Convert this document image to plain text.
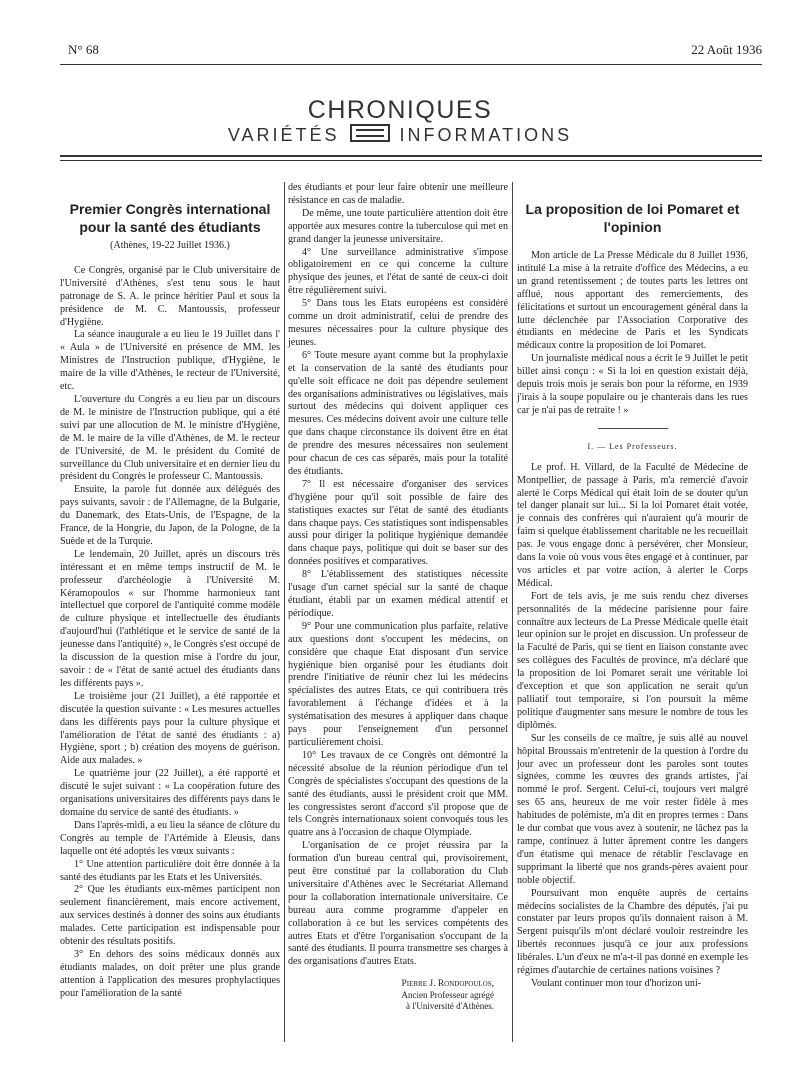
N° 68	22 Août 1936
CHRONIQUES
VARIÉTÉS	INFORMATIONS
Premier Congrès international pour la santé des étudiants
(Athènes, 19-22 Juillet 1936.)

Ce Congrès, organisé par le Club universitaire de l'Université d'Athènes, s'est tenu sous le haut patronage de S. A. le prince héritier Paul et sous la présidence de M. C. Mantoussis, professeur d'Hygiène.

La séance inaugurale a eu lieu le 19 Juillet dans l' « Aula » de l'Université en présence de MM. les Ministres de l'Instruction publique, d'Hygiène, le maire de la ville d'Athènes, le recteur de l'Université, etc.

L'ouverture du Congrès a eu lieu par un discours de M. le ministre de l'Instruction publique, qui a été suivi par une allocution de M. le ministre d'Hygiène, de M. le maire de la ville d'Athènes, de M. le recteur de l'Université, de M. le président du Comité de surveillance du Club universitaire et en dernier lieu du président du Congrès le professeur C. Mantoussis.

Ensuite, la parole fut donnée aux délégués des pays suivants, savoir : de l'Allemagne, de la Bulgarie, du Danemark, des Etats-Unis, de l'Espagne, de la France, de la Hongrie, du Japon, de la Pologne, de la Suède et de la Turquie.

Le lendemain, 20 Juillet, après un discours très intéressant et en même temps instructif de M. le professeur d'archéologie à l'Université M. Kéramopoulos « sur l'homme harmonieux tant intellectuel que corporel de l'antiquité comme modèle de culture physique et intellectuelle des étudiants d'aujourd'hui (l'athlétique et le service de santé de la jeunesse dans l'antiquité) », le Congrès s'est occupé de la discussion de la question mise à l'ordre du jour, savoir : de « l'état de santé actuel des étudiants dans les différents pays ».

Le troisième jour (21 Juillet), a été rapportée et discutée la question suivante : « Les mesures actuelles dans les différents pays pour la culture physique et l'amélioration de l'état de santé des étudiants : a) Hygiène, sport ; b) création des moyens de guérison. Aide aux malades. »

Le quatrième jour (22 Juillet), a été rapporté et discuté le sujet suivant : « La coopération future des organisations universitaires des différents pays dans le domaine du service de santé des étudiants. »

Dans l'après-midi, a eu lieu la séance de clôture du Congrès au temple de l'Artémide à Eleusis, dans laquelle ont été adoptés les vœux suivants :

1° Une attention particulière doit être donnée à la santé des étudiants par les Etats et les Universités.

2° Que les étudiants eux-mêmes participent non seulement financièrement, mais encore activement, aux services destinés à donner des soins aux étudiants malades. Cette participation est indispensable pour obtenir des résultats positifs.

3° En dehors des soins médicaux donnés aux étudiants malades, on doit prêter une plus grande attention à l'application des mesures prophylactiques pour l'amélioration de la santé

des étudiants et pour leur faire obtenir une meilleure résistance en cas de maladie.

De même, une toute particulière attention doit être apportée aux mesures contre la tuberculose qui met en grand danger la jeunesse universitaire.

4° Une surveillance administrative s'impose obligatoirement en ce qui concerne la culture physique des jeunes, et l'état de santé de ceux-ci doit être régulièrement suivi.

5° Dans tous les Etats européens est considéré comme un droit administratif, celui de prendre des mesures nécessaires pour la culture physique des jeunes.

6° Toute mesure ayant comme but la prophylaxie et la conservation de la santé des étudiants pour qu'elle soit efficace ne doit pas dépendre seulement des organisations administratives ou législatives, mais surtout des médecins qui doivent appliquer ces mesures. Ces médecins doivent avoir une culture telle que dans chaque circonstance ils doivent être en état de prendre des mesures nécessaires non seulement pour chacun de ces cas séparés, mais pour la totalité des étudiants.

7° Il est nécessaire d'organiser des services d'hygiène pour qu'il soit possible de faire des statistiques exactes sur l'état de santé des étudiants dans chaque pays. Ces statistiques sont indispensables aussi pour diriger la politique hygiénique demandée dans chaque pays, politique qui doit se baser sur des données positives et comparatives.

8° L'établissement des statistiques nécessite l'usage d'un carnet spécial sur la santé de chaque étudiant, établi par un examen médical attentif et périodique.

9° Pour une communication plus parfaite, relative aux questions dont s'occupent les médecins, on considère que chaque Etat disposant d'un service hygiénique bien organisé pour les étudiants doit prendre l'initiative de réunir chez lui les médecins spécialistes des autres Etats, ce qui contribuera très favorablement à l'échange d'idées et à la systématisation des mesures à appliquer dans chaque pays pour l'enseignement d'un personnel particulièrement choisi.

10° Les travaux de ce Congrès ont démontré la nécessité absolue de la réunion périodique d'un tel Congrès de spécialistes s'occupant des questions de la santé des étudiants, aussi le président croit que MM. les congressistes seront d'accord s'il propose que de tels Congrès internationaux soient convoqués tous les quatre ans à l'occasion de chaque Olympiade.

L'organisation de ce projet réussira par la formation d'un bureau central qui, provisoirement, peut être constitué par la collaboration du Club universitaire d'Athènes avec le Secrétariat Allemand pour la collaboration internationale universitaire. Ce bureau aura comme programme d'appeler en collaboration à ce but les services compétents des autres Etats et d'être l'organisation s'occupant de la santé des étudiants. Il pourra transmettre ses charges à des organisations d'autres Etats.

Pierre J. Rondopoulos,
Ancien Professeur agrégé
à l'Université d'Athènes.
La proposition de loi Pomaret et l'opinion

Mon article de La Presse Médicale du 8 Juillet 1936, intitulé La mise à la retraite d'office des Médecins, a eu un grand retentissement ; de toutes parts les lettres ont afflué, nous apportant des remerciements, des félicitations et surtout un encouragement général dans la lutte déclenchée par l'Association Corporative des étudiants en médecine de Paris et les Syndicats médicaux contre la proposition de loi Pomaret.

Un journaliste médical nous a écrit le 9 Juillet le petit billet ainsi conçu : « Si la loi en question existait déjà, depuis trois mois je serais bon pour la réforme, en 1939 j'irais à la soupe populaire ou je chanterais dans les rues car je n'ai pas de retraite ! »

I. — Les Professeurs.

Le prof. H. Villard, de la Faculté de Médecine de Montpellier, de passage à Paris, m'a remercié d'avoir alerté le Corps Médical qui était loin de se douter qu'un tel danger planait sur lui... Si la loi Pomaret était votée, je connais des confrères qui n'auraient qu'à mourir de faim si quelque établissement charitable ne les recueillait pas. Je vous engage donc à persévérer, cher Monsieur, dans la voie où vous vous êtes engagé et à continuer, par vos articles et par votre action, à alerter le Corps Médical.

Fort de tels avis, je me suis rendu chez diverses personnalités de la médecine parisienne pour faire connaître aux lecteurs de La Presse Médicale quelle était leur opinion sur le projet en discussion. Un professeur de la Faculté de Paris, qui se tient en liaison constante avec ses collègues des Facultés de province, m'a déclaré que la proposition de loi Pomaret serait une véritable loi d'exception et que son application ne serait qu'un palliatif tout temporaire, si l'on poursuit la même politique d'augmenter sans mesure le nombre de tous les diplômés.

Sur les conseils de ce maître, je suis allé au nouvel hôpital Broussais m'entretenir de la question à l'ordre du jour avec un professeur dont les paroles sont toutes signées, comme les œuvres des grands artistes, j'ai nommé le prof. Sergent. Celui-ci, toujours vert malgré ses 65 ans, heureux de me voir rester fidèle à mes habitudes de polémiste, m'a dit en propres termes : Dans le dur combat que vous avez à soutenir, ne lâchez pas la rampe, continuez à lutter âprement contre les dangers d'un étatisme qui menace de rétablir l'esclavage en supprimant la liberté que nos grands-pères avaient pour noble objectif.

Poursuivant mon enquête auprès de certains médecins socialistes de la Chambre des députés, j'ai pu constater par leurs propos qu'ils donnaient raison à M. Sergent puisqu'ils m'ont déclaré vouloir restreindre les libertés reconnues jusqu'à ce jour aux professions libérales. L'un d'eux ne m'a-t-il pas donné en exemple les régimes d'autarchie de certaines nations voisines ?

Voulant continuer mon tour d'horizon uni-
